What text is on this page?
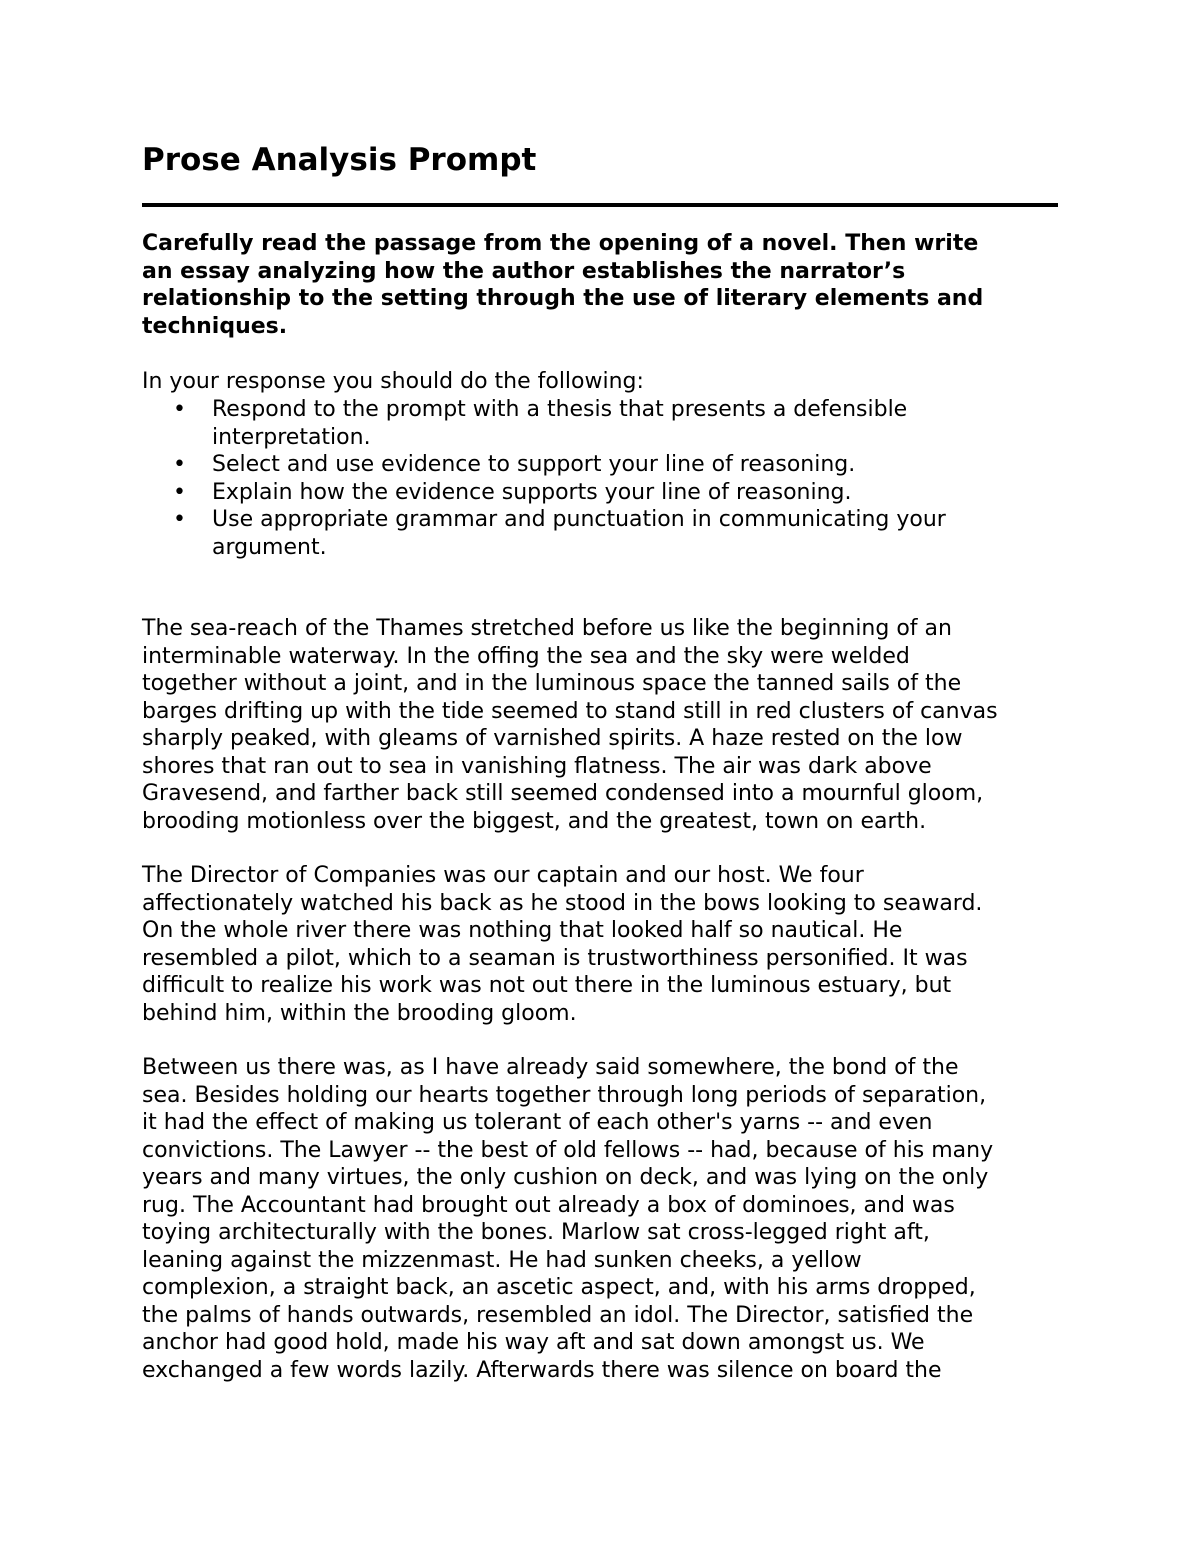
Prose Analysis Prompt
Carefully read the passage from the opening of a novel. Then write
an essay analyzing how the author establishes the narrator’s
relationship to the setting through the use of literary elements and
techniques.

In your response you should do the following:

• Respond to the prompt with a thesis that presents a defensible
interpretation.
• Select and use evidence to support your line of reasoning.
• Explain how the evidence supports your line of reasoning.
• Use appropriate grammar and punctuation in communicating your
argument.
The sea-reach of the Thames stretched before us like the beginning of an
interminable waterway. In the offing the sea and the sky were welded
together without a joint, and in the luminous space the tanned sails of the
barges drifting up with the tide seemed to stand still in red clusters of canvas
sharply peaked, with gleams of varnished spirits. A haze rested on the low
shores that ran out to sea in vanishing flatness. The air was dark above
Gravesend, and farther back still seemed condensed into a mournful gloom,
brooding motionless over the biggest, and the greatest, town on earth.
The Director of Companies was our captain and our host. We four
affectionately watched his back as he stood in the bows looking to seaward.
On the whole river there was nothing that looked half so nautical. He
resembled a pilot, which to a seaman is trustworthiness personified. It was
difficult to realize his work was not out there in the luminous estuary, but
behind him, within the brooding gloom.
Between us there was, as I have already said somewhere, the bond of the
sea. Besides holding our hearts together through long periods of separation,
it had the effect of making us tolerant of each other's yarns -- and even
convictions. The Lawyer -- the best of old fellows -- had, because of his many
years and many virtues, the only cushion on deck, and was lying on the only
rug. The Accountant had brought out already a box of dominoes, and was
toying architecturally with the bones. Marlow sat cross-legged right aft,
leaning against the mizzenmast. He had sunken cheeks, a yellow
complexion, a straight back, an ascetic aspect, and, with his arms dropped,
the palms of hands outwards, resembled an idol. The Director, satisfied the
anchor had good hold, made his way aft and sat down amongst us. We
exchanged a few words lazily. Afterwards there was silence on board the
